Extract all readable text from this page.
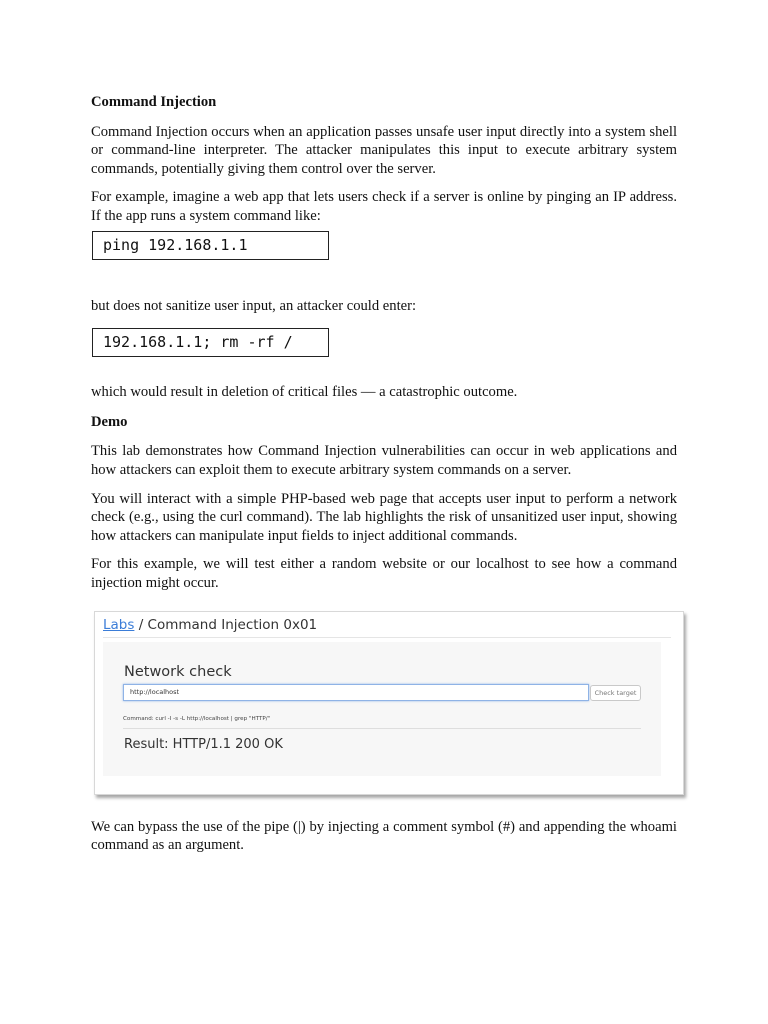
Command Injection

Command Injection occurs when an application passes unsafe user input directly into a system shell or command-line interpreter. The attacker manipulates this input to execute arbitrary system commands, potentially giving them control over the server.

For example, imagine a web app that lets users check if a server is online by pinging an IP address. If the app runs a system command like:

ping 192.168.1.1

but does not sanitize user input, an attacker could enter:

192.168.1.1; rm -rf /

which would result in deletion of critical files — a catastrophic outcome.

Demo

This lab demonstrates how Command Injection vulnerabilities can occur in web applications and how attackers can exploit them to execute arbitrary system commands on a server.

You will interact with a simple PHP-based web page that accepts user input to perform a network check (e.g., using the curl command). The lab highlights the risk of unsanitized user input, showing how attackers can manipulate input fields to inject additional commands.

For this example, we will test either a random website or our localhost to see how a command injection might occur.

Labs / Command Injection 0x01
Network check
http://localhost	Check target
Command: curl -I -s -L http://localhost | grep "HTTP/"
Result: HTTP/1.1 200 OK

We can bypass the use of the pipe (|) by injecting a comment symbol (#) and appending the whoami command as an argument.
